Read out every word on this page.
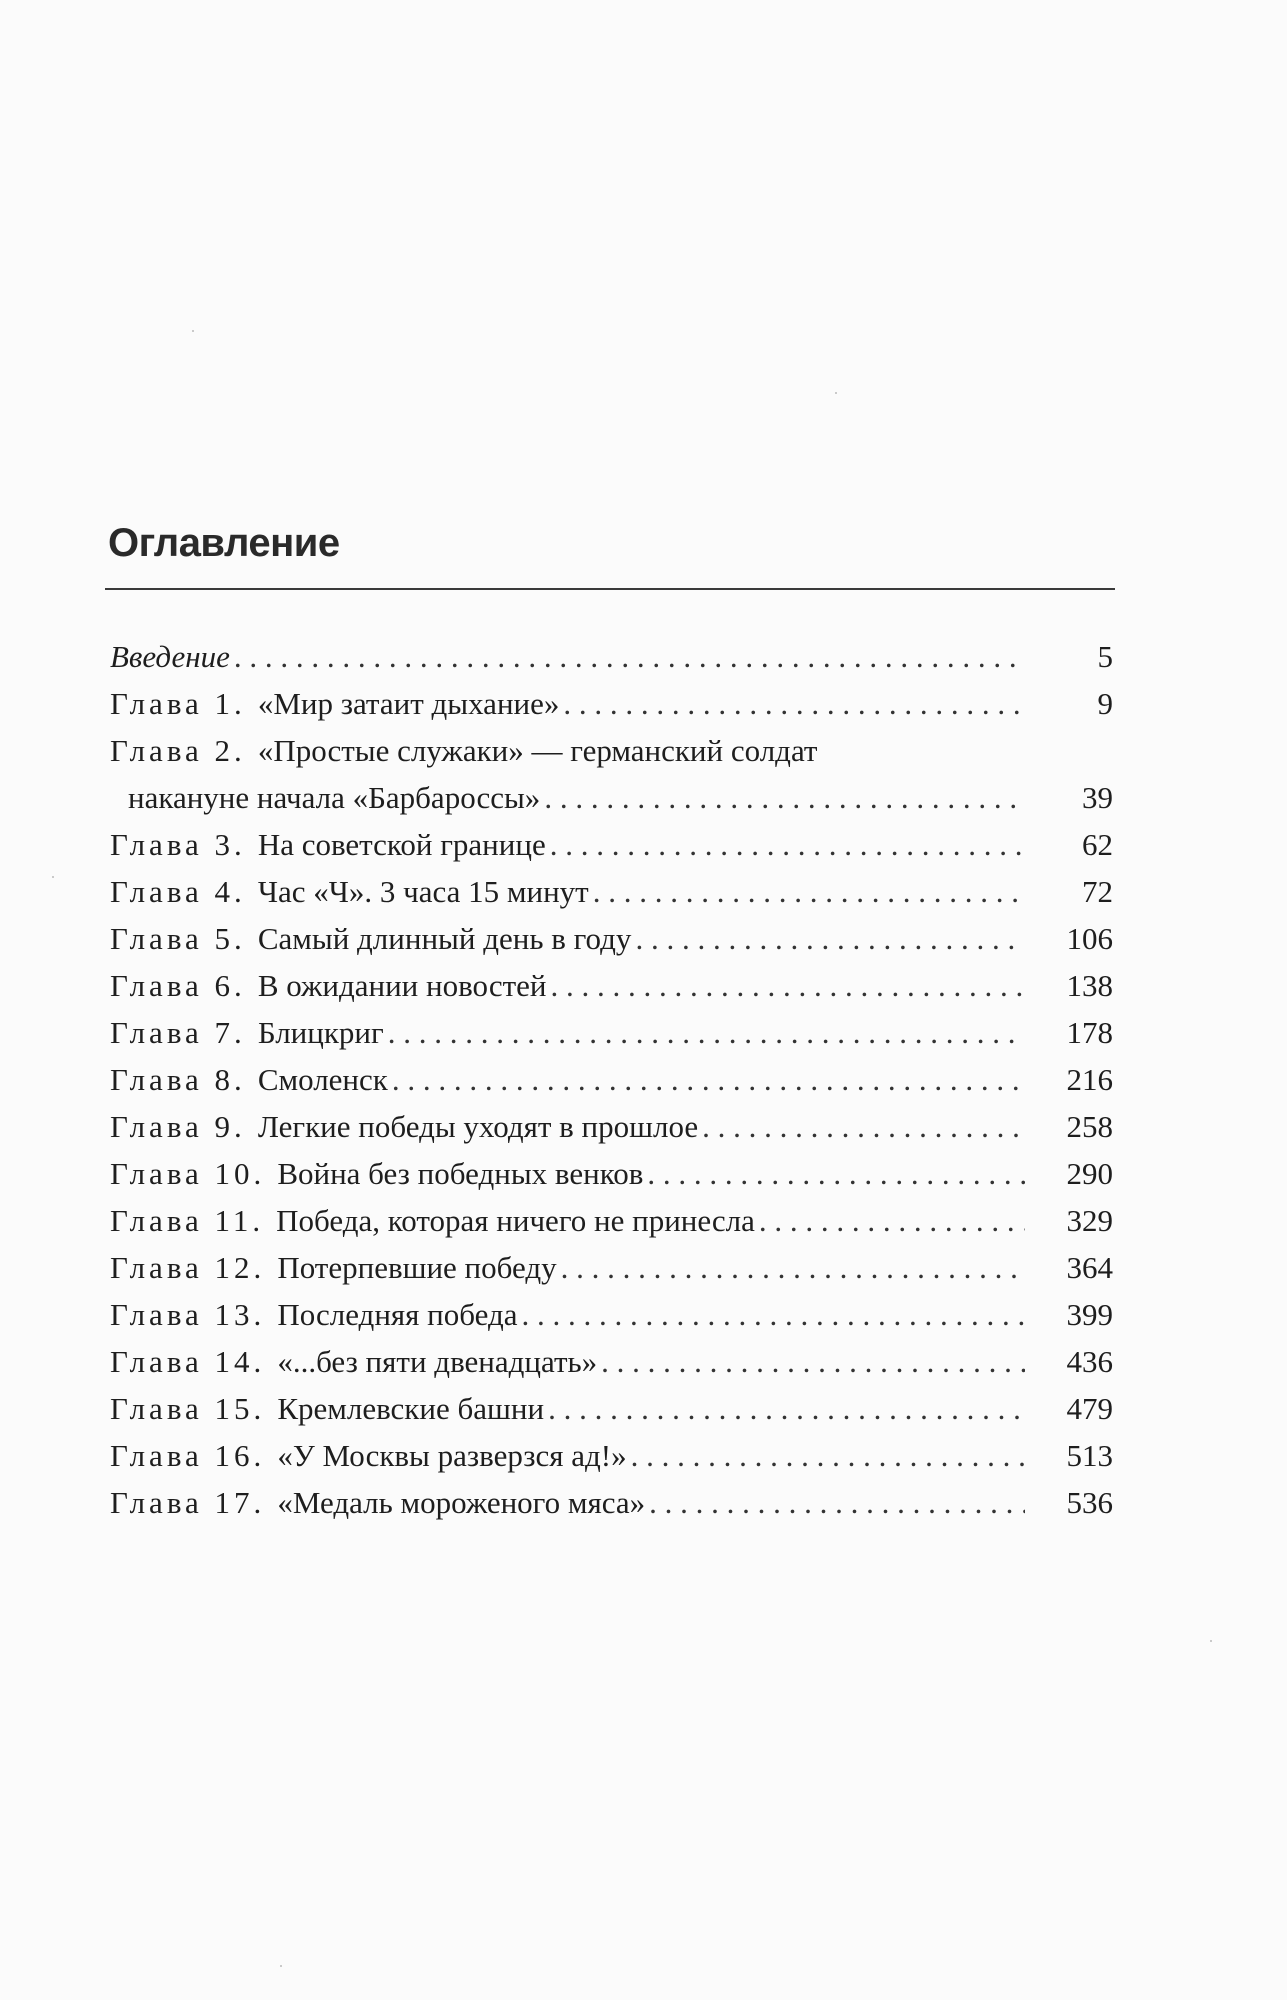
Оглавление
Введение . . .	5
Глава 1. «Мир затаит дыхание» . . .	9
Глава 2. «Простые служаки» — германский солдат
накануне начала «Барбароссы» . . .	39
Глава 3. На советской границе . . .	62
Глава 4. Час «Ч». 3 часа 15 минут . . .	72
Глава 5. Самый длинный день в году . . .	106
Глава 6. В ожидании новостей . . .	138
Глава 7. Блицкриг . . .	178
Глава 8. Смоленск . . .	216
Глава 9. Легкие победы уходят в прошлое . . .	258
Глава 10. Война без победных венков . . .	290
Глава 11. Победа, которая ничего не принесла . . .	329
Глава 12. Потерпевшие победу . . .	364
Глава 13. Последняя победа . . .	399
Глава 14. «...без пяти двенадцать» . . .	436
Глава 15. Кремлевские башни . . .	479
Глава 16. «У Москвы разверзся ад!» . . .	513
Глава 17. «Медаль мороженого мяса» . . .	536
